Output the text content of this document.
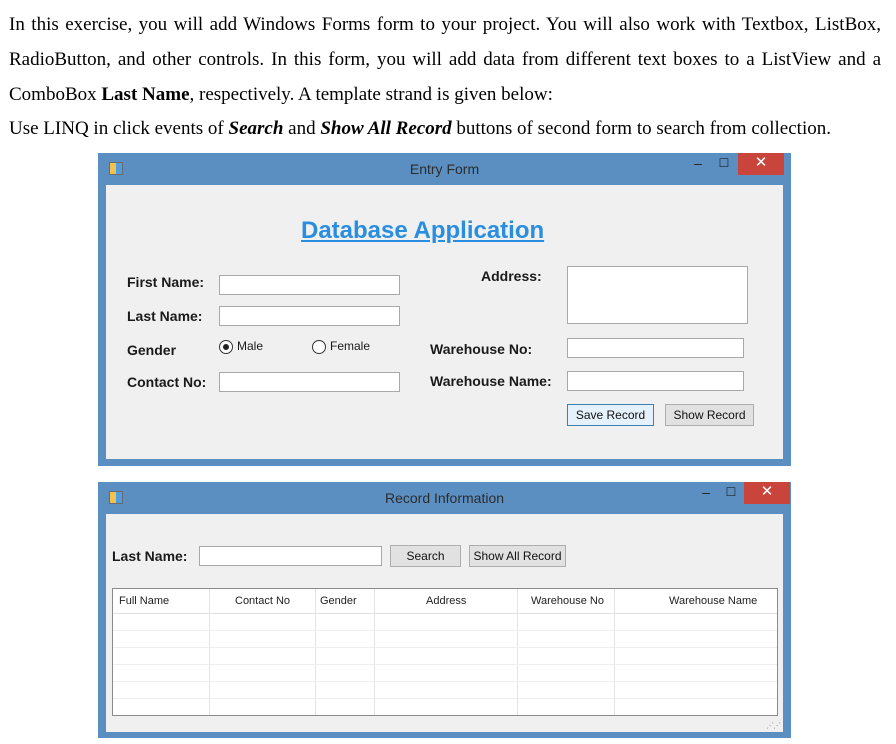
In this exercise, you will add Windows Forms form to your project. You will also work with Textbox, ListBox, RadioButton, and other controls. In this form, you will add data from different text boxes to a ListView and a ComboBox Last Name, respectively. A template strand is given below:
Use LINQ in click events of Search and Show All Record buttons of second form to search from collection.
Entry Form	–	☐	✕
Database Application
First Name:
Last Name:
Gender	Male	Female
Contact No:
Address:
Warehouse No:
Warehouse Name:
Save Record	Show Record
Record Information	–	☐	✕
Last Name:	Search	Show All Record
Full Name	Contact No	Gender	Address	Warehouse No	Warehouse Name
⋰⋰
